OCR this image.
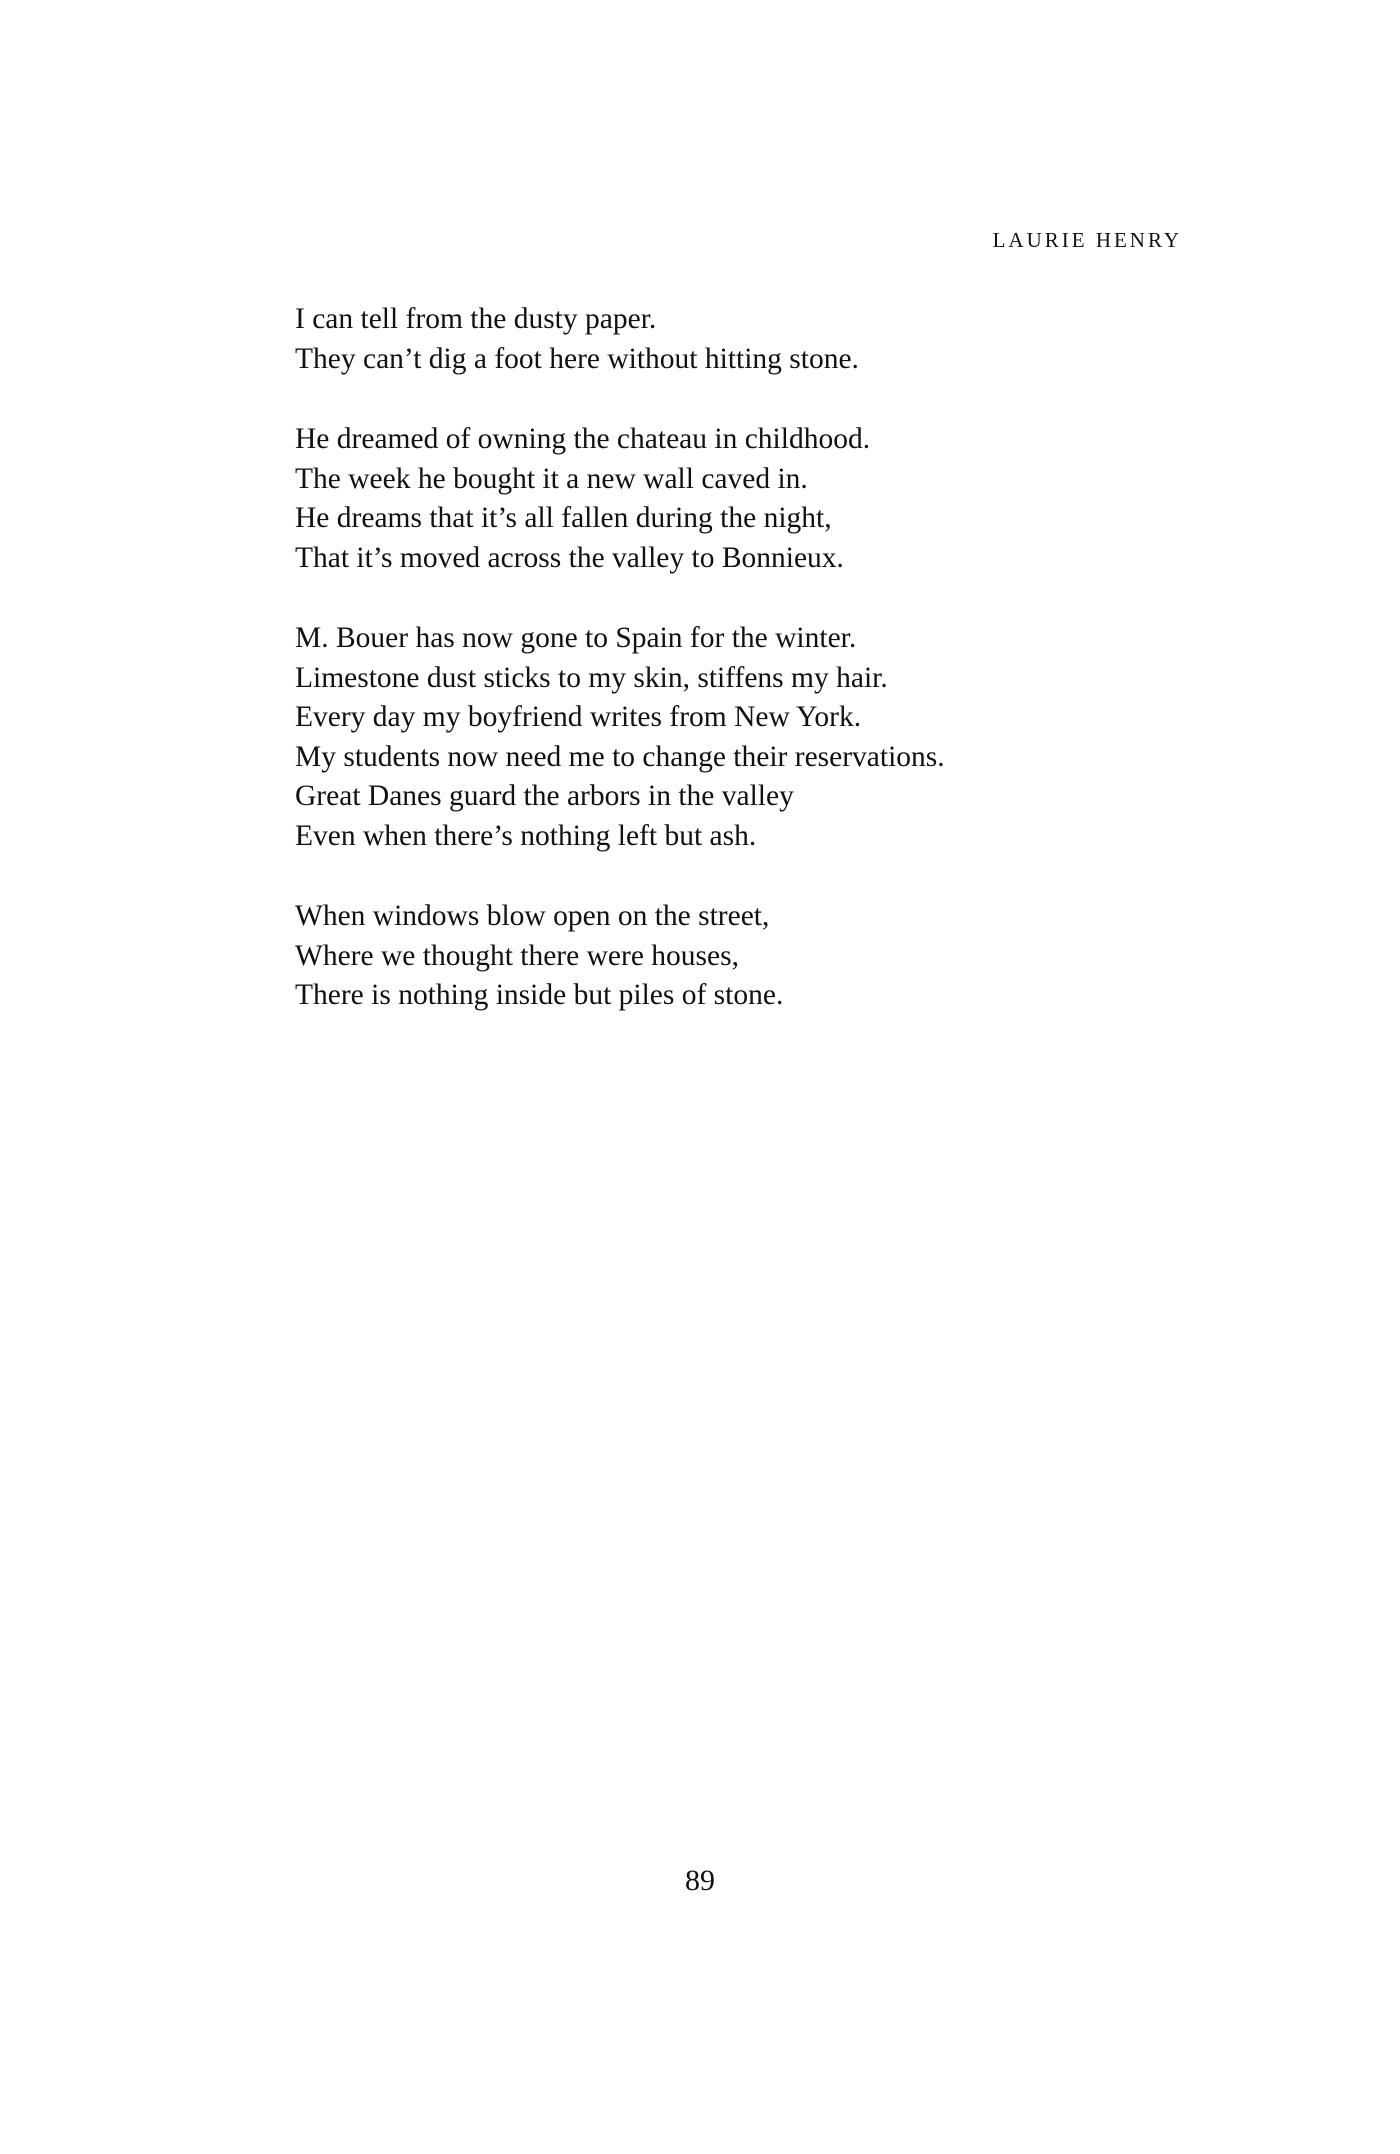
LAURIE HENRY
I can tell from the dusty paper.
They can’t dig a foot here without hitting stone.
He dreamed of owning the chateau in childhood.
The week he bought it a new wall caved in.
He dreams that it’s all fallen during the night,
That it’s moved across the valley to Bonnieux.
M. Bouer has now gone to Spain for the winter.
Limestone dust sticks to my skin, stiffens my hair.
Every day my boyfriend writes from New York.
My students now need me to change their reservations.
Great Danes guard the arbors in the valley
Even when there’s nothing left but ash.
When windows blow open on the street,
Where we thought there were houses,
There is nothing inside but piles of stone.
89
